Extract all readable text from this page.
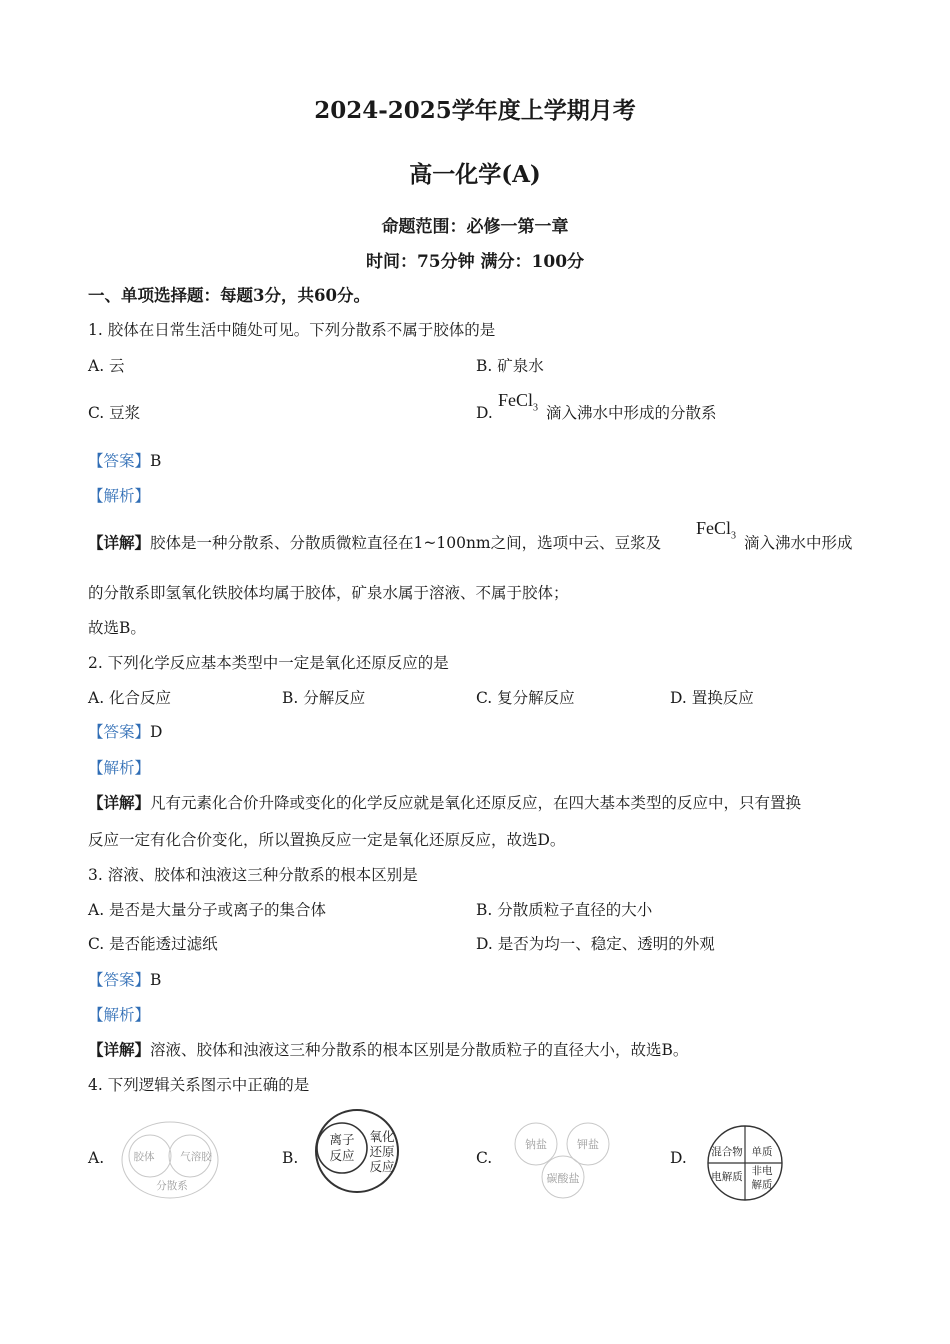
2024-2025学年度上学期月考
高一化学(A)
命题范围：必修一第一章
时间：75分钟 满分：100分
一、单项选择题：每题3分，共60分。
1. 胶体在日常生活中随处可见。下列分散系不属于胶体的是
A. 云	B. 矿泉水
C. 豆浆	D.
FeCl$_3$ 滴入沸水中形成的分散系
【答案】B
【解析】
【详解】胶体是一种分散系、分散质微粒直径在1~100nm之间，选项中云、豆浆及
FeCl$_3$ 滴入沸水中形成
的分散系即氢氧化铁胶体均属于胶体，矿泉水属于溶液、不属于胶体；
故选B。
2. 下列化学反应基本类型中一定是氧化还原反应的是
A. 化合反应	B. 分解反应	C. 复分解反应	D. 置换反应
【答案】D
【解析】
【详解】凡有元素化合价升降或变化的化学反应就是氧化还原反应，在四大基本类型的反应中，只有置换
反应一定有化合价变化，所以置换反应一定是氧化还原反应，故选D。
3. 溶液、胶体和浊液这三种分散系的根本区别是
A. 是否是大量分子或离子的集合体	B. 分散质粒子直径的大小
C. 是否能透过滤纸	D. 是否为均一、稳定、透明的外观
【答案】B
【解析】
【详解】溶液、胶体和浊液这三种分散系的根本区别是分散质粒子的直径大小，故选B。
4. 下列逻辑关系图示中正确的是
A.	胶体 气溶胶
分散系
B.
离子
反应
氧化
还原
反应	C.
钠盐	钾盐
碳酸盐
D. 混合物 单质
电解质 非电
解质
